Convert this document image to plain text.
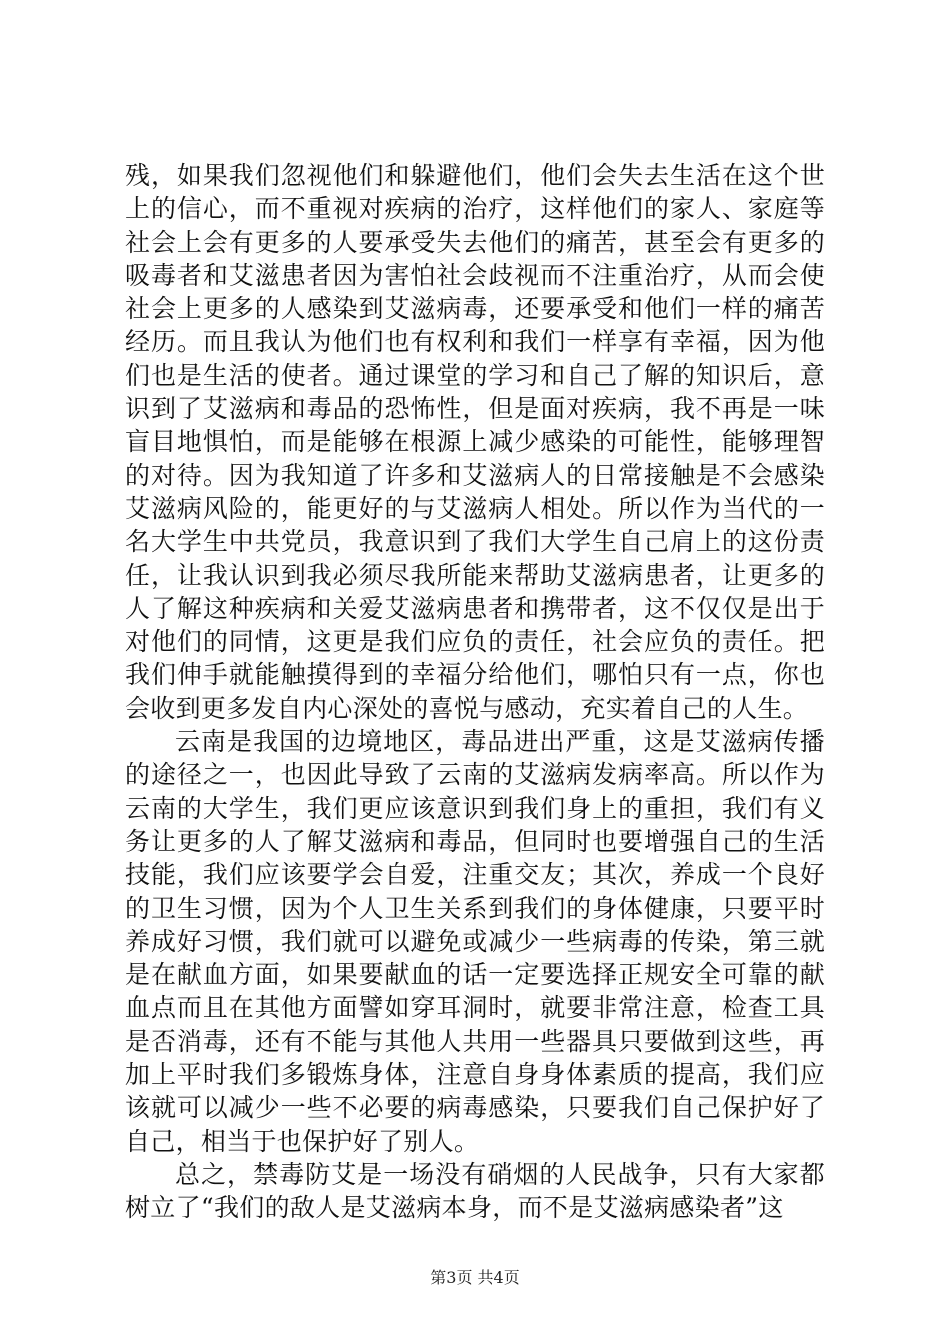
残，如果我们忽视他们和躲避他们，他们会失去生活在这个世上的信心，而不重视对疾病的治疗，这样他们的家人、家庭等社会上会有更多的人要承受失去他们的痛苦，甚至会有更多的吸毒者和艾滋患者因为害怕社会歧视而不注重治疗，从而会使社会上更多的人感染到艾滋病毒，还要承受和他们一样的痛苦经历。而且我认为他们也有权利和我们一样享有幸福，因为他们也是生活的使者。通过课堂的学习和自己了解的知识后，意识到了艾滋病和毒品的恐怖性，但是面对疾病，我不再是一味盲目地惧怕，而是能够在根源上减少感染的可能性，能够理智的对待。因为我知道了许多和艾滋病人的日常接触是不会感染艾滋病风险的，能更好的与艾滋病人相处。所以作为当代的一名大学生中共党员，我意识到了我们大学生自己肩上的这份责任，让我认识到我必须尽我所能来帮助艾滋病患者，让更多的人了解这种疾病和关爱艾滋病患者和携带者，这不仅仅是出于对他们的同情，这更是我们应负的责任，社会应负的责任。把我们伸手就能触摸得到的幸福分给他们，哪怕只有一点，你也会收到更多发自内心深处的喜悦与感动，充实着自己的人生。

云南是我国的边境地区，毒品进出严重，这是艾滋病传播的途径之一，也因此导致了云南的艾滋病发病率高。所以作为云南的大学生，我们更应该意识到我们身上的重担，我们有义务让更多的人了解艾滋病和毒品，但同时也要增强自己的生活技能，我们应该要学会自爱，注重交友；其次，养成一个良好的卫生习惯，因为个人卫生关系到我们的身体健康，只要平时养成好习惯，我们就可以避免或减少一些病毒的传染，第三就是在献血方面，如果要献血的话一定要选择正规安全可靠的献血点而且在其他方面譬如穿耳洞时，就要非常注意，检查工具是否消毒，还有不能与其他人共用一些器具只要做到这些，再加上平时我们多锻炼身体，注意自身身体素质的提高，我们应该就可以减少一些不必要的病毒感染，只要我们自己保护好了自己，相当于也保护好了别人。

总之，禁毒防艾是一场没有硝烟的人民战争，只有大家都树立了“我们的敌人是艾滋病本身，而不是艾滋病感染者”这

第3页 共4页
